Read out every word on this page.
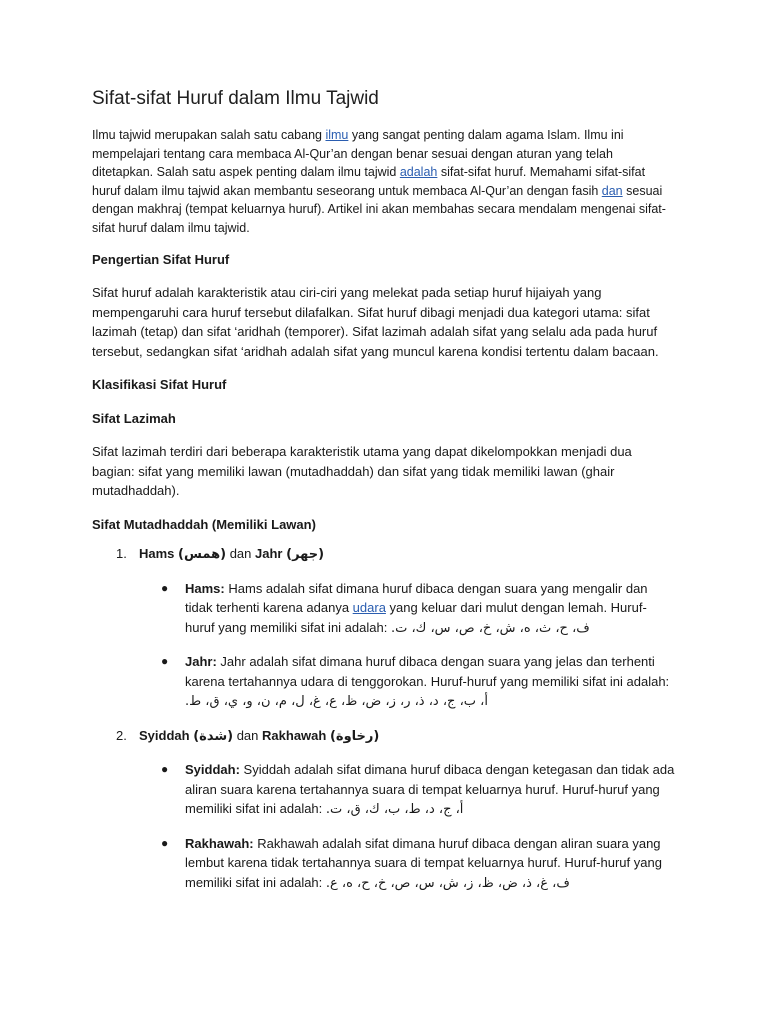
Sifat-sifat Huruf dalam Ilmu Tajwid

Ilmu tajwid merupakan salah satu cabang ilmu yang sangat penting dalam agama Islam. Ilmu ini mempelajari tentang cara membaca Al-Qur’an dengan benar sesuai dengan aturan yang telah ditetapkan. Salah satu aspek penting dalam ilmu tajwid adalah sifat-sifat huruf. Memahami sifat-sifat huruf dalam ilmu tajwid akan membantu seseorang untuk membaca Al-Qur’an dengan fasih dan sesuai dengan makhraj (tempat keluarnya huruf). Artikel ini akan membahas secara mendalam mengenai sifat-sifat huruf dalam ilmu tajwid.

Pengertian Sifat Huruf

Sifat huruf adalah karakteristik atau ciri-ciri yang melekat pada setiap huruf hijaiyah yang mempengaruhi cara huruf tersebut dilafalkan. Sifat huruf dibagi menjadi dua kategori utama: sifat lazimah (tetap) dan sifat ‘aridhah (temporer). Sifat lazimah adalah sifat yang selalu ada pada huruf tersebut, sedangkan sifat ‘aridhah adalah sifat yang muncul karena kondisi tertentu dalam bacaan.

Klasifikasi Sifat Huruf

Sifat Lazimah

Sifat lazimah terdiri dari beberapa karakteristik utama yang dapat dikelompokkan menjadi dua bagian: sifat yang memiliki lawan (mutadhaddah) dan sifat yang tidak memiliki lawan (ghair mutadhaddah).

Sifat Mutadhaddah (Memiliki Lawan)

1. Hams (همس) dan Jahr (جهر)
● Hams: Hams adalah sifat dimana huruf dibaca dengan suara yang mengalir dan tidak terhenti karena adanya udara yang keluar dari mulut dengan lemah. Huruf-huruf yang memiliki sifat ini adalah: ف، ح، ث، ه، ش، خ، ص، س، ك، ت.
● Jahr: Jahr adalah sifat dimana huruf dibaca dengan suara yang jelas dan terhenti karena tertahannya udara di tenggorokan. Huruf-huruf yang memiliki sifat ini adalah: أ، ب، ج، د، ذ، ر، ز، ض، ظ، ع، غ، ل، م، ن، و، ي، ق، ط.
2. Syiddah (شدة) dan Rakhawah (رخاوة)
● Syiddah: Syiddah adalah sifat dimana huruf dibaca dengan ketegasan dan tidak ada aliran suara karena tertahannya suara di tempat keluarnya huruf. Huruf-huruf yang memiliki sifat ini adalah: أ، ج، د، ط، ب، ك، ق، ت.
● Rakhawah: Rakhawah adalah sifat dimana huruf dibaca dengan aliran suara yang lembut karena tidak tertahannya suara di tempat keluarnya huruf. Huruf-huruf yang memiliki sifat ini adalah: ف، غ، ذ، ض، ظ، ز، ش، س، ص، خ، ح، ه، ع.
